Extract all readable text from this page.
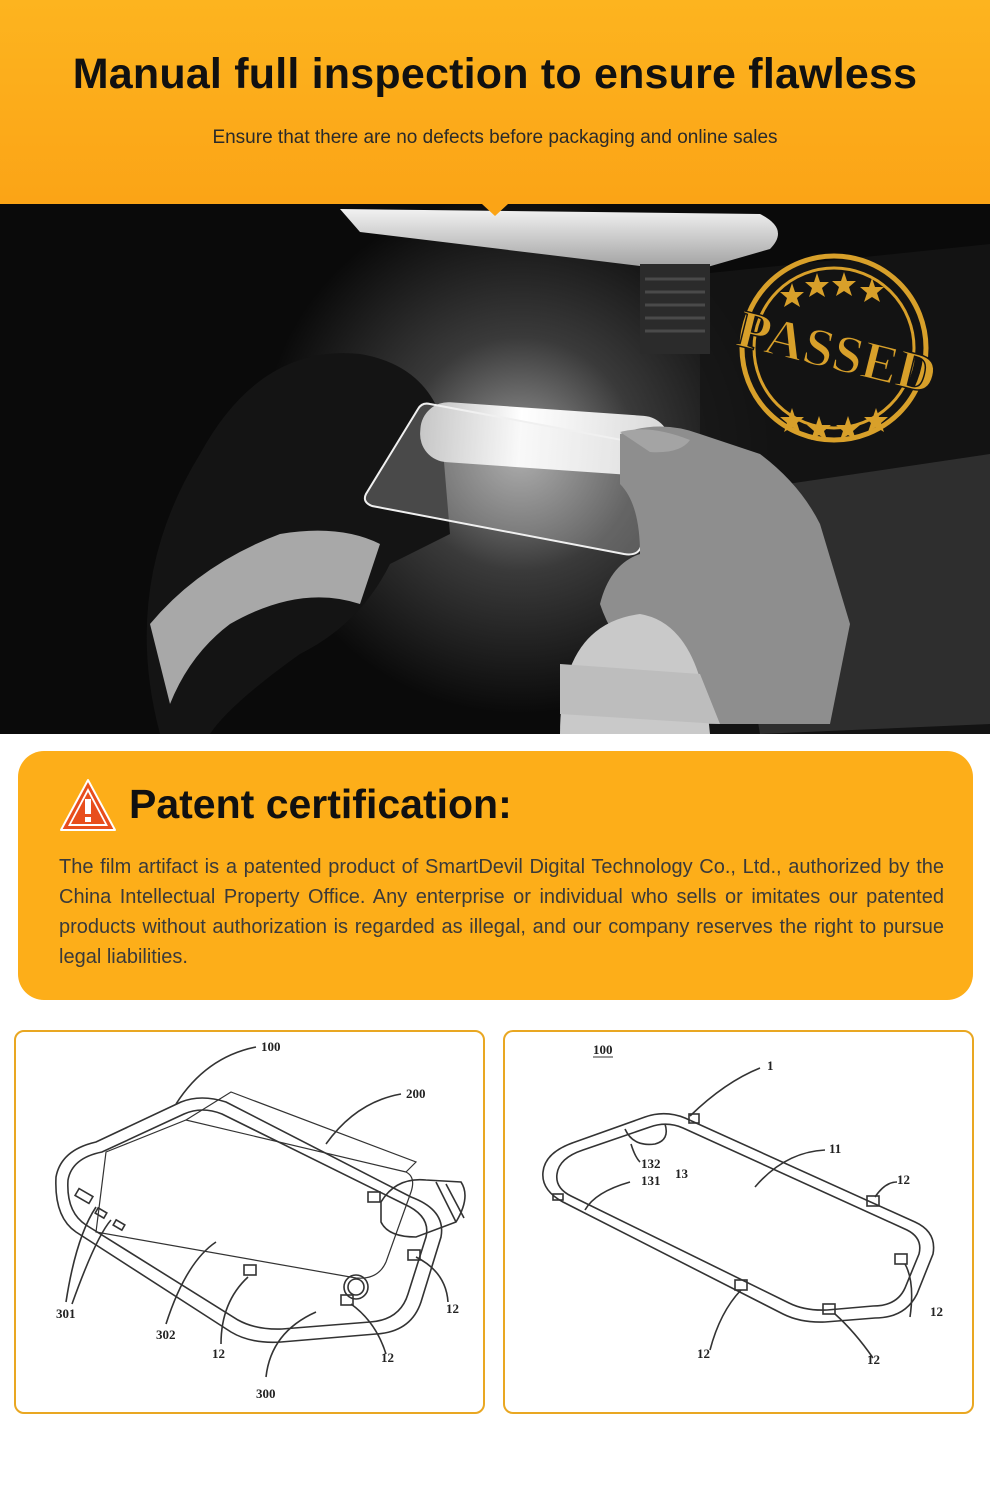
Manual full inspection to ensure flawless
Ensure that there are no defects before packaging and online sales
PASSED
Patent certification:

The film artifact is a patented product of SmartDevil Digital Technology Co., Ltd., authorized by the China Intellectual Property Office. Any enterprise or individual who sells or imitates our patented products without authorization is regarded as illegal, and our company reserves the right to pursue legal liabilities.

100
200
301
302
12	12
300
12
100
1
11
132
13
131	12
12
12	12
